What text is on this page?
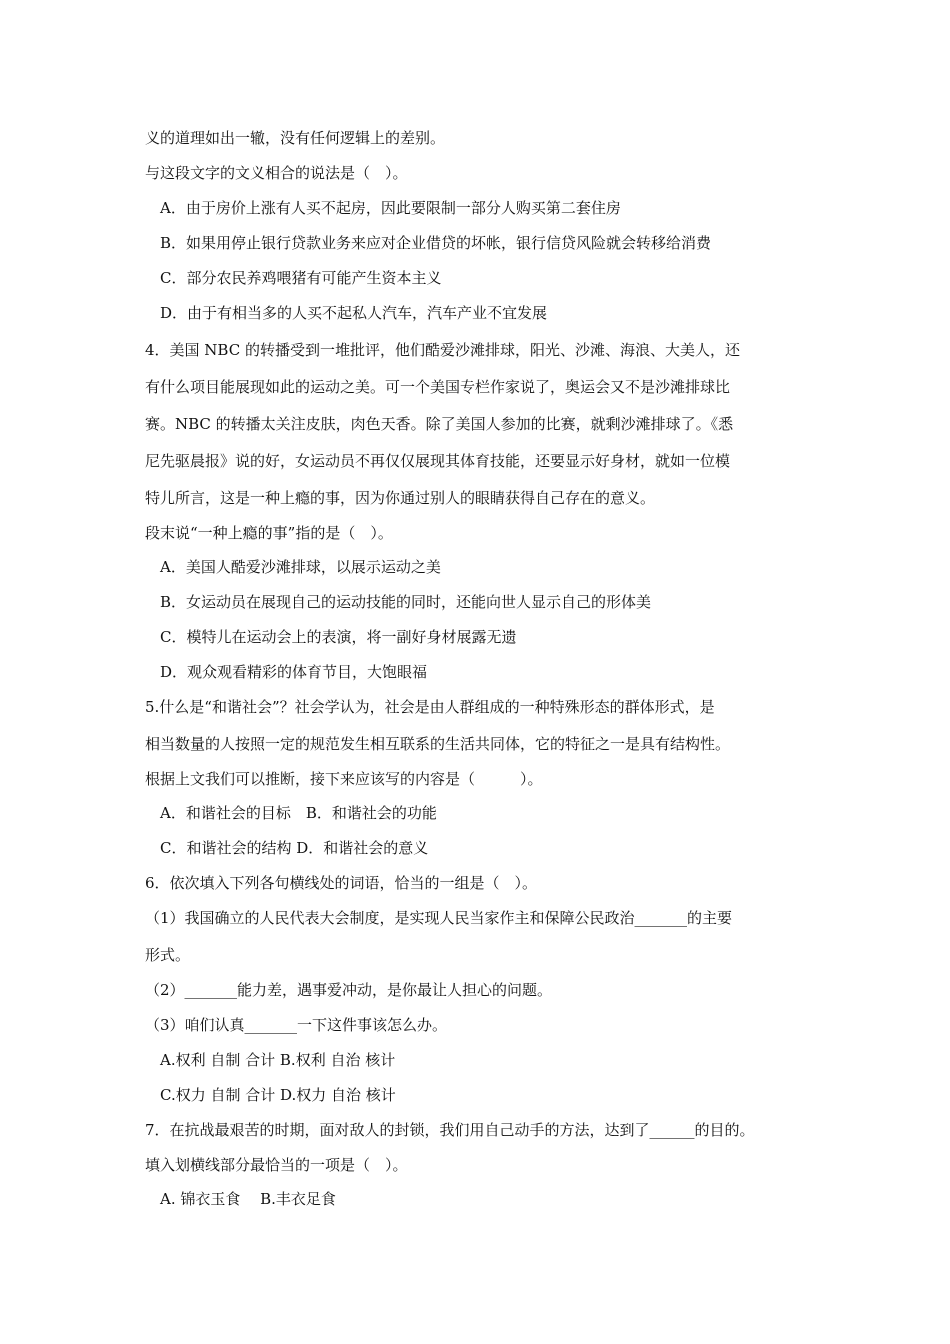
义的道理如出一辙，没有任何逻辑上的差别。
与这段文字的文义相合的说法是（　）。
A．由于房价上涨有人买不起房，因此要限制一部分人购买第二套住房
B．如果用停止银行贷款业务来应对企业借贷的坏帐，银行信贷风险就会转移给消费
C．部分农民养鸡喂猪有可能产生资本主义
D．由于有相当多的人买不起私人汽车，汽车产业不宜发展
4．美国 NBC 的转播受到一堆批评，他们酷爱沙滩排球，阳光、沙滩、海浪、大美人，还
有什么项目能展现如此的运动之美。可一个美国专栏作家说了，奥运会又不是沙滩排球比
赛。NBC 的转播太关注皮肤，肉色天香。除了美国人参加的比赛，就剩沙滩排球了。《悉
尼先驱晨报》说的好，女运动员不再仅仅展现其体育技能，还要显示好身材，就如一位模
特儿所言，这是一种上瘾的事，因为你通过别人的眼睛获得自己存在的意义。
段末说“一种上瘾的事”指的是（　）。
A．美国人酷爱沙滩排球，以展示运动之美
B．女运动员在展现自己的运动技能的同时，还能向世人显示自己的形体美
C．模特儿在运动会上的表演，将一副好身材展露无遗
D．观众观看精彩的体育节目，大饱眼福
5.什么是“和谐社会”？社会学认为，社会是由人群组成的一种特殊形态的群体形式，是
相当数量的人按照一定的规范发生相互联系的生活共同体，它的特征之一是具有结构性。
根据上文我们可以推断，接下来应该写的内容是（　　　）。
A．和谐社会的目标　B．和谐社会的功能
C．和谐社会的结构 D．和谐社会的意义
6．依次填入下列各句横线处的词语，恰当的一组是（　）。
（1）我国确立的人民代表大会制度，是实现人民当家作主和保障公民政治_______的主要
形式。
（2）_______能力差，遇事爱冲动，是你最让人担心的问题。
（3）咱们认真_______一下这件事该怎么办。
A.权利 自制 合计 B.权利 自治 核计
C.权力 自制 合计 D.权力 自治 核计
7．在抗战最艰苦的时期，面对敌人的封锁，我们用自己动手的方法，达到了______的目的。
填入划横线部分最恰当的一项是（　）。
A. 锦衣玉食　 B.丰衣足食
